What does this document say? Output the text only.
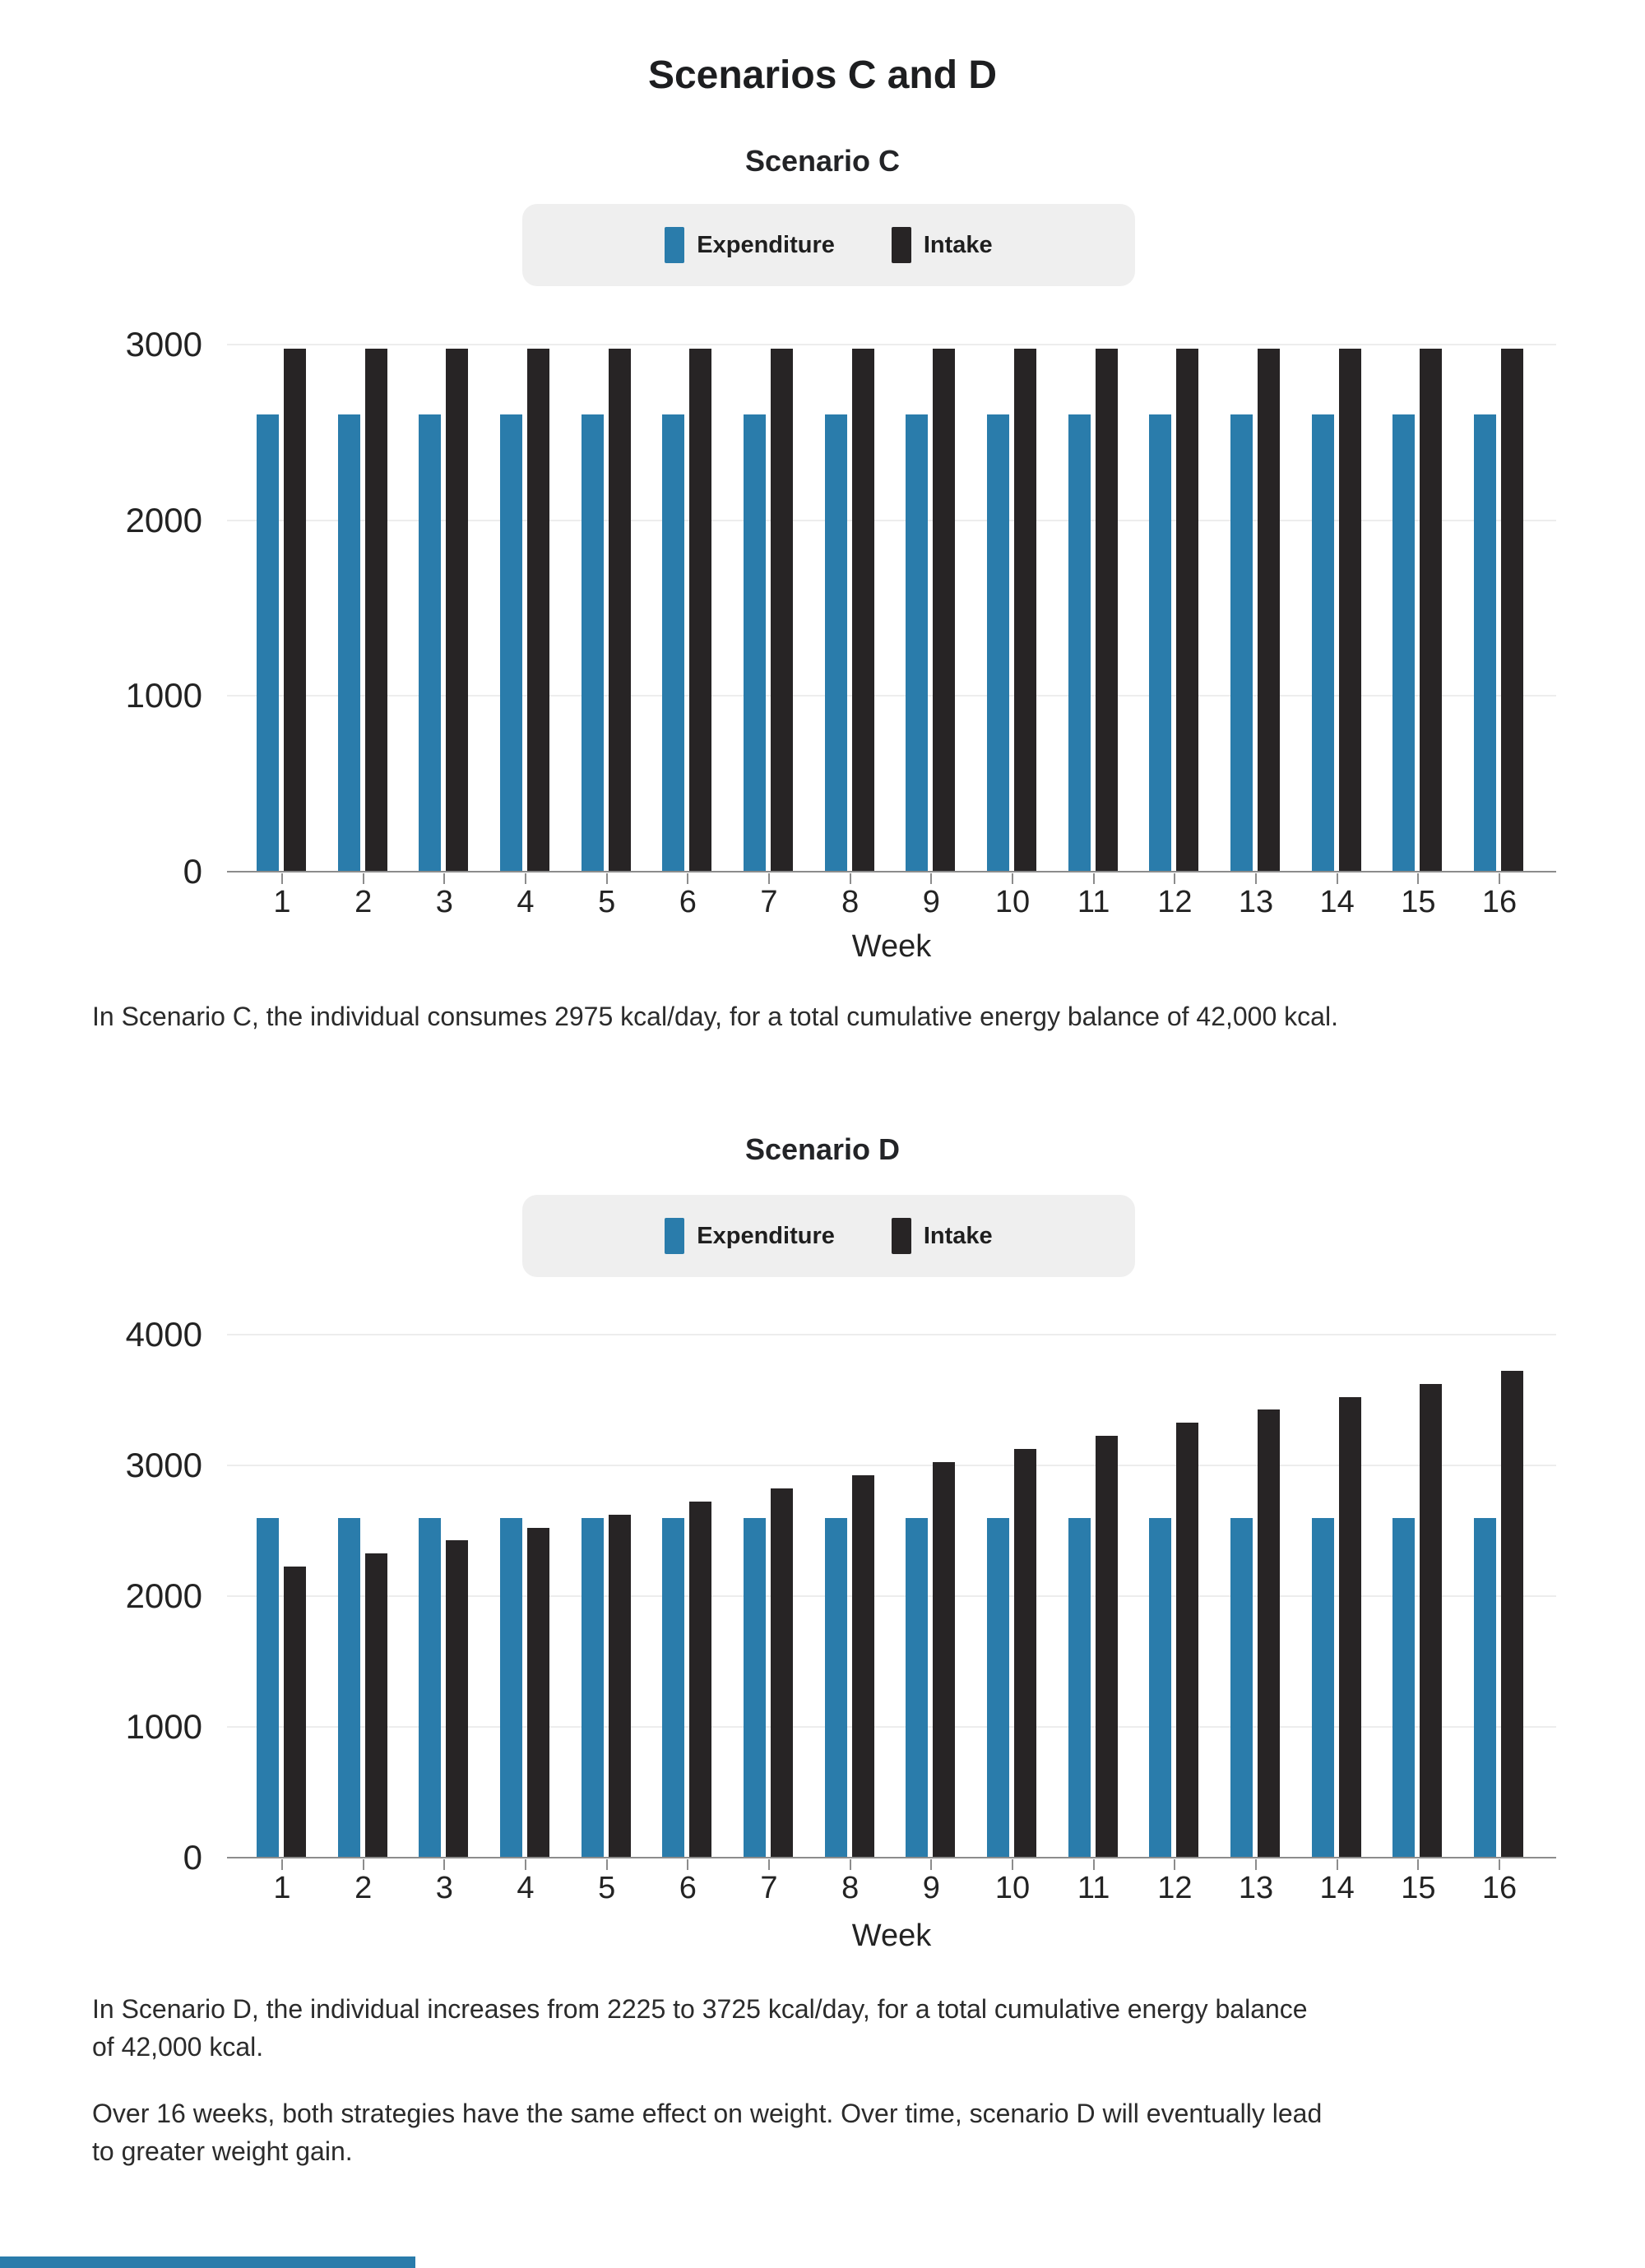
Scenarios C and D
Scenario C
Expenditure	Intake
Week
In Scenario C, the individual consumes 2975 kcal/day, for a total cumulative energy balance of 42,000 kcal.
Scenario D
Expenditure	Intake
Week
In Scenario D, the individual increases from 2225 to 3725 kcal/day, for a total cumulative energy balance
of 42,000 kcal.
Over 16 weeks, both strategies have the same effect on weight. Over time, scenario D will eventually lead
to greater weight gain.
0
1000
2000
3000
1	2	3	4	5	6	7	8	9	10	11	12	13	14	15	16
0
1000
2000
3000
4000
1	2	3	4	5	6	7	8	9	10	11	12	13	14	15	16
